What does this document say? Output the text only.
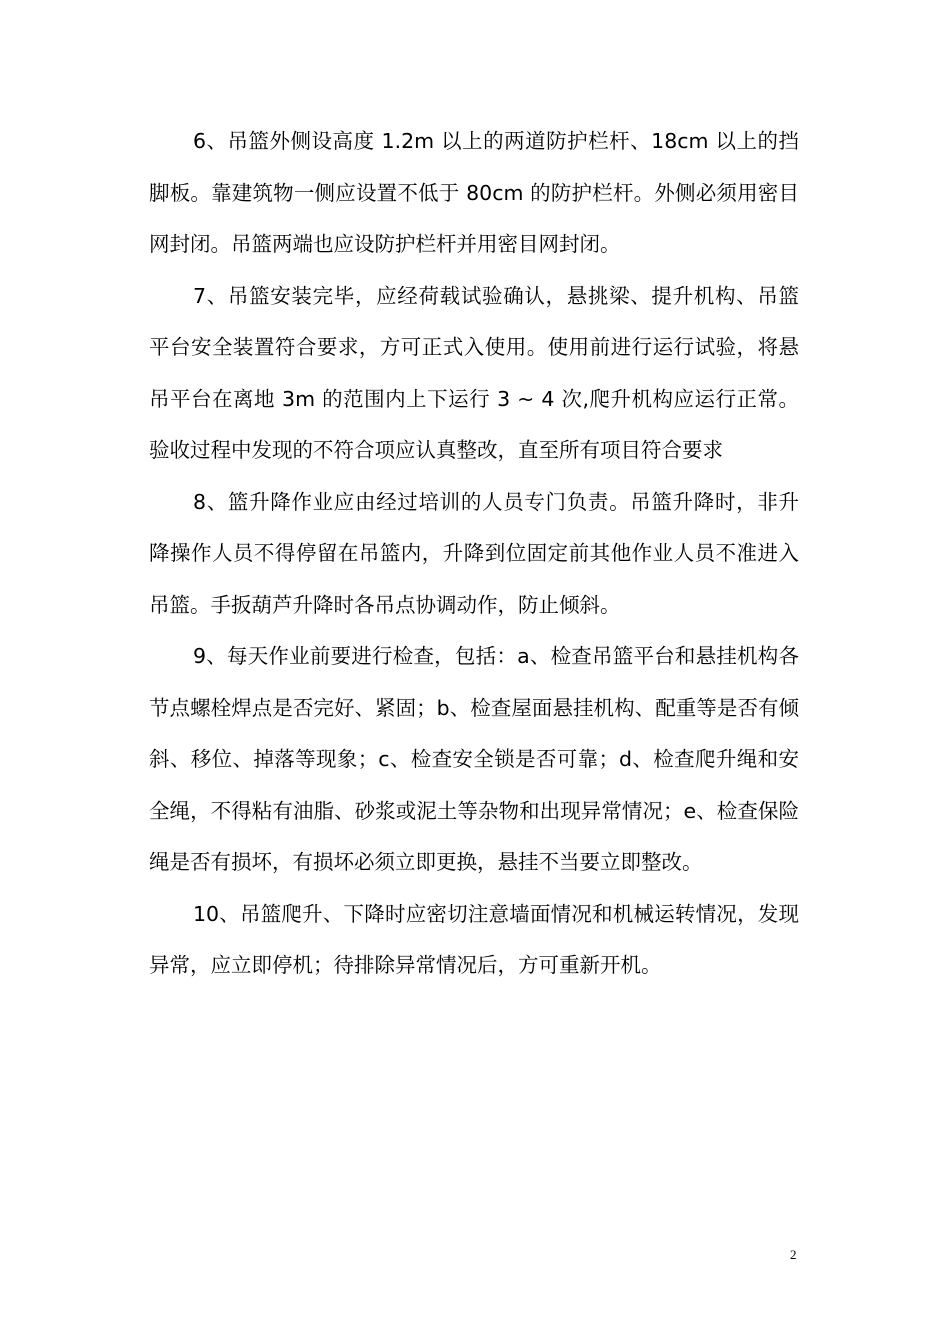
6、吊篮外侧设高度 1.2m 以上的两道防护栏杆、18cm 以上的挡脚板。靠建筑物一侧应设置不低于 80cm 的防护栏杆。外侧必须用密目网封闭。吊篮两端也应设防护栏杆并用密目网封闭。

7、吊篮安装完毕，应经荷载试验确认，悬挑梁、提升机构、吊篮平台安全装置符合要求，方可正式入使用。使用前进行运行试验，将悬吊平台在离地 3m 的范围内上下运行 3 ~ 4 次,爬升机构应运行正常。验收过程中发现的不符合项应认真整改，直至所有项目符合要求

8、篮升降作业应由经过培训的人员专门负责。吊篮升降时，非升降操作人员不得停留在吊篮内，升降到位固定前其他作业人员不准进入吊篮。手扳葫芦升降时各吊点协调动作，防止倾斜。

9、每天作业前要进行检查，包括：a、检查吊篮平台和悬挂机构各节点螺栓焊点是否完好、紧固；b、检查屋面悬挂机构、配重等是否有倾斜、移位、掉落等现象；c、检查安全锁是否可靠；d、检查爬升绳和安全绳，不得粘有油脂、砂浆或泥土等杂物和出现异常情况；e、检查保险绳是否有损坏，有损坏必须立即更换，悬挂不当要立即整改。

10、吊篮爬升、下降时应密切注意墙面情况和机械运转情况，发现异常，应立即停机；待排除异常情况后，方可重新开机。

2
